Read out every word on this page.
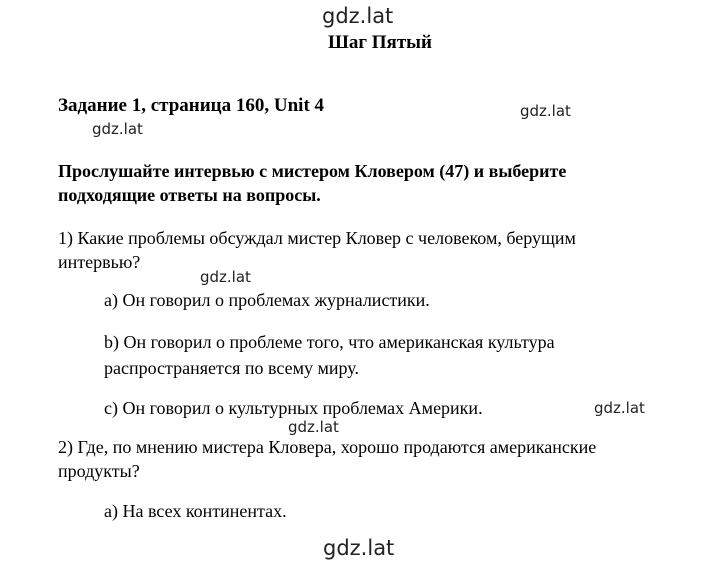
gdz.lat
gdz.lat
gdz.lat
gdz.lat
gdz.lat
gdz.lat
gdz.lat
Шаг Пятый
Задание 1, страница 160, Unit 4
Прослушайте интервью с мистером Кловером (47) и выберите
подходящие ответы на вопросы.
1) Какие проблемы обсуждал мистер Кловер с человеком, берущим
интервью?
a) Он говорил о проблемах журналистики.
b) Он говорил о проблеме того, что американская культура
распространяется по всему миру.
c) Он говорил о культурных проблемах Америки.
2) Где, по мнению мистера Кловера, хорошо продаются американские
продукты?
a) На всех континентах.
